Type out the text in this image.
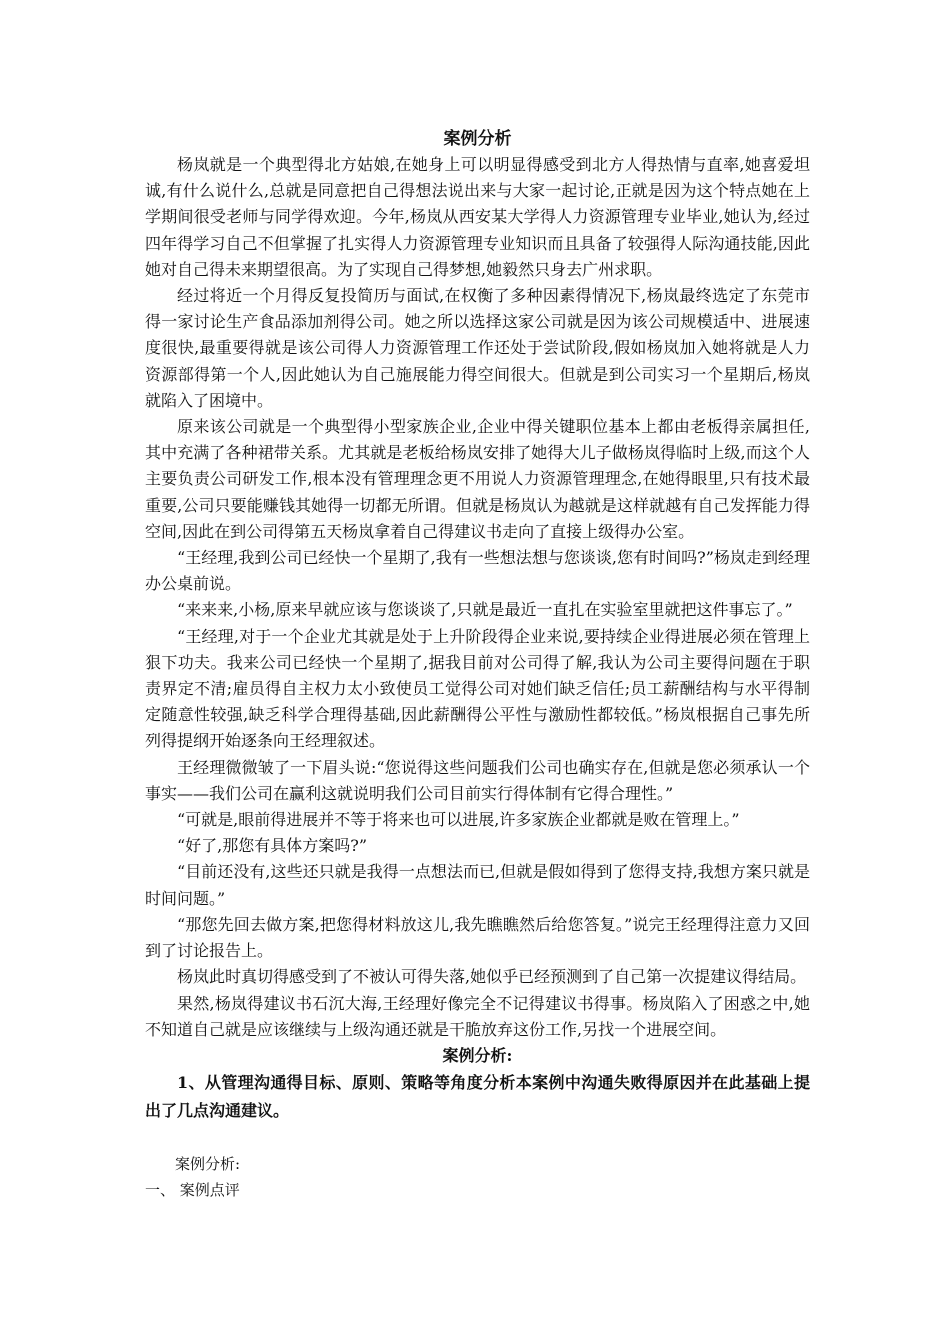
案例分析

杨岚就是一个典型得北方姑娘,在她身上可以明显得感受到北方人得热情与直率,她喜爱坦诚,有什么说什么,总就是同意把自己得想法说出来与大家一起讨论,正就是因为这个特点她在上学期间很受老师与同学得欢迎。今年,杨岚从西安某大学得人力资源管理专业毕业,她认为,经过四年得学习自己不但掌握了扎实得人力资源管理专业知识而且具备了较强得人际沟通技能,因此她对自己得未来期望很高。为了实现自己得梦想,她毅然只身去广州求职。

经过将近一个月得反复投简历与面试,在权衡了多种因素得情况下,杨岚最终选定了东莞市得一家讨论生产食品添加剂得公司。她之所以选择这家公司就是因为该公司规模适中、进展速度很快,最重要得就是该公司得人力资源管理工作还处于尝试阶段,假如杨岚加入她将就是人力资源部得第一个人,因此她认为自己施展能力得空间很大。但就是到公司实习一个星期后,杨岚就陷入了困境中。

原来该公司就是一个典型得小型家族企业,企业中得关键职位基本上都由老板得亲属担任,其中充满了各种裙带关系。尤其就是老板给杨岚安排了她得大儿子做杨岚得临时上级,而这个人主要负责公司研发工作,根本没有管理理念更不用说人力资源管理理念,在她得眼里,只有技术最重要,公司只要能赚钱其她得一切都无所谓。但就是杨岚认为越就是这样就越有自己发挥能力得空间,因此在到公司得第五天杨岚拿着自己得建议书走向了直接上级得办公室。

“王经理,我到公司已经快一个星期了,我有一些想法想与您谈谈,您有时间吗?”杨岚走到经理办公桌前说。

“来来来,小杨,原来早就应该与您谈谈了,只就是最近一直扎在实验室里就把这件事忘了。”

“王经理,对于一个企业尤其就是处于上升阶段得企业来说,要持续企业得进展必须在管理上狠下功夫。我来公司已经快一个星期了,据我目前对公司得了解,我认为公司主要得问题在于职责界定不清;雇员得自主权力太小致使员工觉得公司对她们缺乏信任;员工薪酬结构与水平得制定随意性较强,缺乏科学合理得基础,因此薪酬得公平性与激励性都较低。”杨岚根据自己事先所列得提纲开始逐条向王经理叙述。

王经理微微皱了一下眉头说:“您说得这些问题我们公司也确实存在,但就是您必须承认一个事实——我们公司在赢利这就说明我们公司目前实行得体制有它得合理性。”

“可就是,眼前得进展并不等于将来也可以进展,许多家族企业都就是败在管理上。”

“好了,那您有具体方案吗?”

“目前还没有,这些还只就是我得一点想法而已,但就是假如得到了您得支持,我想方案只就是时间问题。”

“那您先回去做方案,把您得材料放这儿,我先瞧瞧然后给您答复。”说完王经理得注意力又回到了讨论报告上。

杨岚此时真切得感受到了不被认可得失落,她似乎已经预测到了自己第一次提建议得结局。

果然,杨岚得建议书石沉大海,王经理好像完全不记得建议书得事。杨岚陷入了困惑之中,她不知道自己就是应该继续与上级沟通还就是干脆放弃这份工作,另找一个进展空间。

案例分析:

1、从管理沟通得目标、原则、策略等角度分析本案例中沟通失败得原因并在此基础上提出了几点沟通建议。

案例分析:

一、 案例点评
